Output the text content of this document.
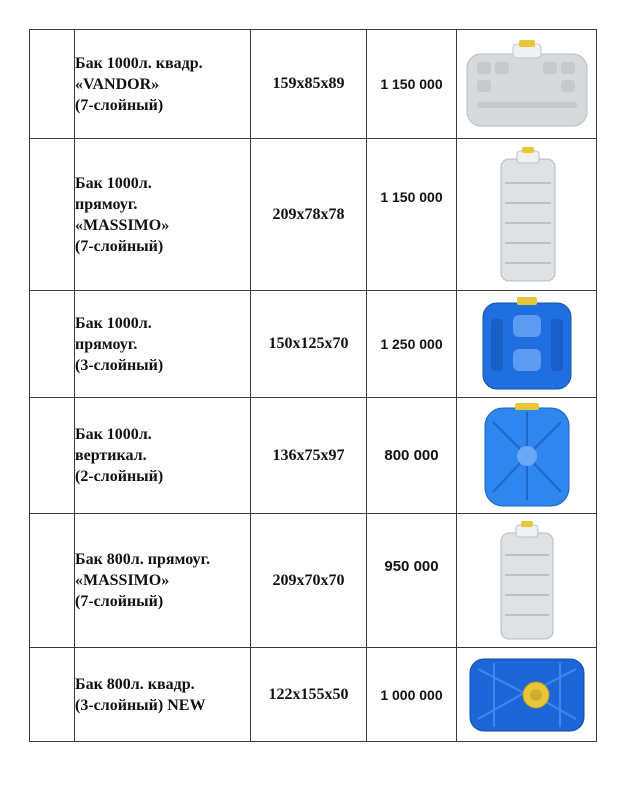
	Бак 1000л. квадр.
«VANDOR»
(7-слойный)	159х85х89	1 150 000	

	Бак 1000л.
прямоуг.
«MASSIMO»
(7-слойный)	209х78х78	1 150 000	

	Бак 1000л.
прямоуг.
(3-слойный)	150х125х70	1 250 000	

	Бак 1000л.
вертикал.
(2-слойный)	136х75х97	800 000	

	Бак 800л. прямоуг.
«MASSIMO»
(7-слойный)	209х70х70	950 000	

	Бак 800л. квадр.
(3-слойный) NEW	122х155х50	1 000 000	
